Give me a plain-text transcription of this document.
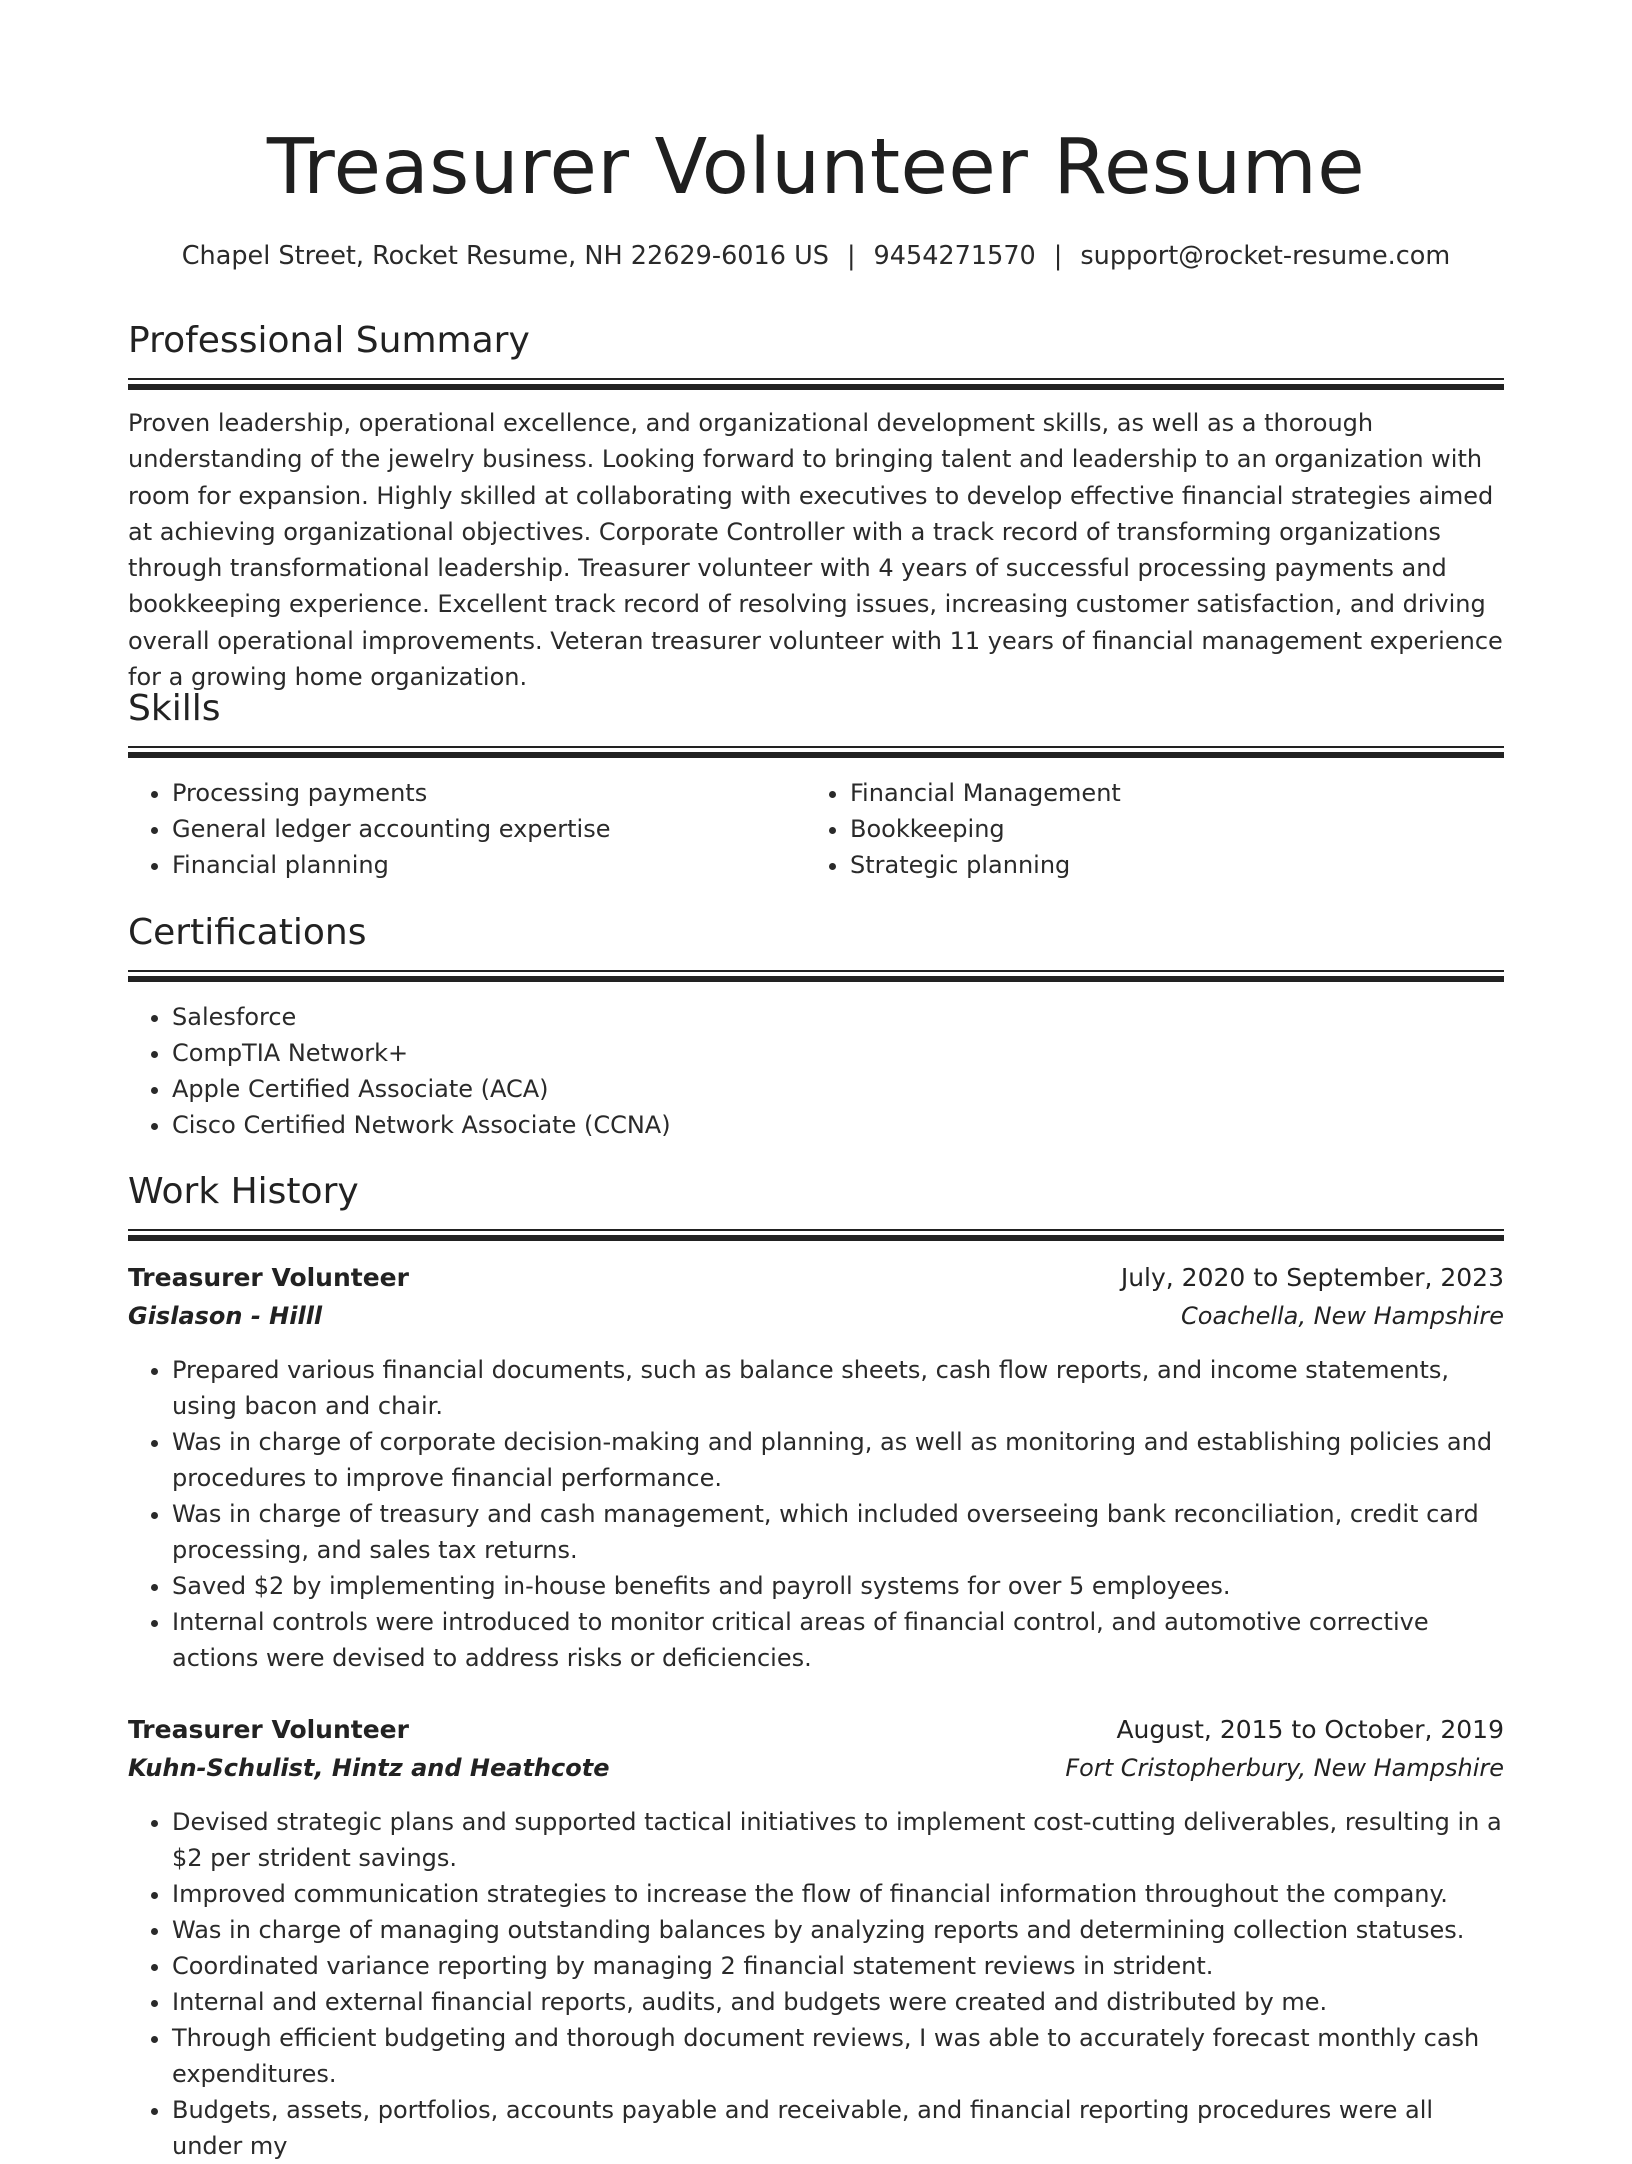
Treasurer Volunteer Resume
Chapel Street, Rocket Resume, NH 22629-6016 US | 9454271570 | support@rocket-resume.com
Professional Summary

Proven leadership, operational excellence, and organizational development skills, as well as a thorough understanding of the jewelry business. Looking forward to bringing talent and leadership to an organization with room for expansion. Highly skilled at collaborating with executives to develop effective financial strategies aimed at achieving organizational objectives. Corporate Controller with a track record of transforming organizations through transformational leadership. Treasurer volunteer with 4 years of successful processing payments and bookkeeping experience. Excellent track record of resolving issues, increasing customer satisfaction, and driving overall operational improvements. Veteran treasurer volunteer with 11 years of financial management experience for a growing home organization.

Skills
• Processing payments
• General ledger accounting expertise
• Financial planning
• Financial Management
• Bookkeeping
• Strategic planning
Certifications
• Salesforce
• CompTIA Network+
• Apple Certified Associate (ACA)
• Cisco Certified Network Associate (CCNA)
Work History
Treasurer Volunteer	July, 2020 to September, 2023
Gislason - Hilll	Coachella, New Hampshire
• Prepared various financial documents, such as balance sheets, cash flow reports, and income statements, using bacon and chair.
• Was in charge of corporate decision-making and planning, as well as monitoring and establishing policies and procedures to improve financial performance.
• Was in charge of treasury and cash management, which included overseeing bank reconciliation, credit card processing, and sales tax returns.
• Saved $2 by implementing in-house benefits and payroll systems for over 5 employees.
• Internal controls were introduced to monitor critical areas of financial control, and automotive corrective actions were devised to address risks or deficiencies.
Treasurer Volunteer	August, 2015 to October, 2019
Kuhn-Schulist, Hintz and Heathcote	Fort Cristopherbury, New Hampshire
• Devised strategic plans and supported tactical initiatives to implement cost-cutting deliverables, resulting in a $2 per strident savings.
• Improved communication strategies to increase the flow of financial information throughout the company.
• Was in charge of managing outstanding balances by analyzing reports and determining collection statuses.
• Coordinated variance reporting by managing 2 financial statement reviews in strident.
• Internal and external financial reports, audits, and budgets were created and distributed by me.
• Through efficient budgeting and thorough document reviews, I was able to accurately forecast monthly cash expenditures.
• Budgets, assets, portfolios, accounts payable and receivable, and financial reporting procedures were all under my
